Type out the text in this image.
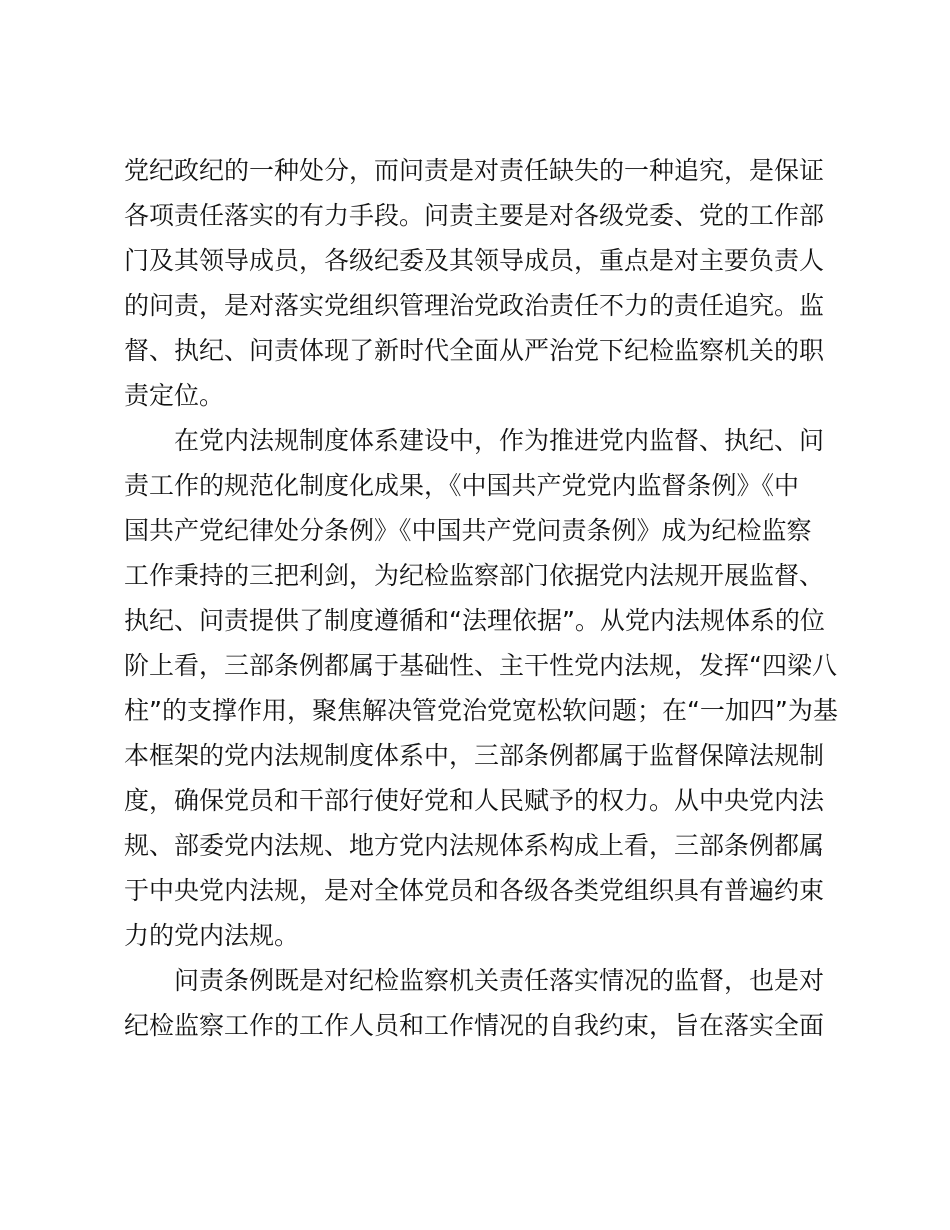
党纪政纪的一种处分，而问责是对责任缺失的一种追究，是保证
各项责任落实的有力手段。问责主要是对各级党委、党的工作部
门及其领导成员，各级纪委及其领导成员，重点是对主要负责人
的问责，是对落实党组织管理治党政治责任不力的责任追究。监
督、执纪、问责体现了新时代全面从严治党下纪检监察机关的职
责定位。
在党内法规制度体系建设中，作为推进党内监督、执纪、问
责工作的规范化制度化成果，《中国共产党党内监督条例》《中
国共产党纪律处分条例》《中国共产党问责条例》成为纪检监察
工作秉持的三把利剑，为纪检监察部门依据党内法规开展监督、
执纪、问责提供了制度遵循和“法理依据”。从党内法规体系的位
阶上看，三部条例都属于基础性、主干性党内法规，发挥“四梁八
柱”的支撑作用，聚焦解决管党治党宽松软问题；在“一加四”为基
本框架的党内法规制度体系中，三部条例都属于监督保障法规制
度，确保党员和干部行使好党和人民赋予的权力。从中央党内法
规、部委党内法规、地方党内法规体系构成上看，三部条例都属
于中央党内法规，是对全体党员和各级各类党组织具有普遍约束
力的党内法规。
问责条例既是对纪检监察机关责任落实情况的监督，也是对
纪检监察工作的工作人员和工作情况的自我约束，旨在落实全面
